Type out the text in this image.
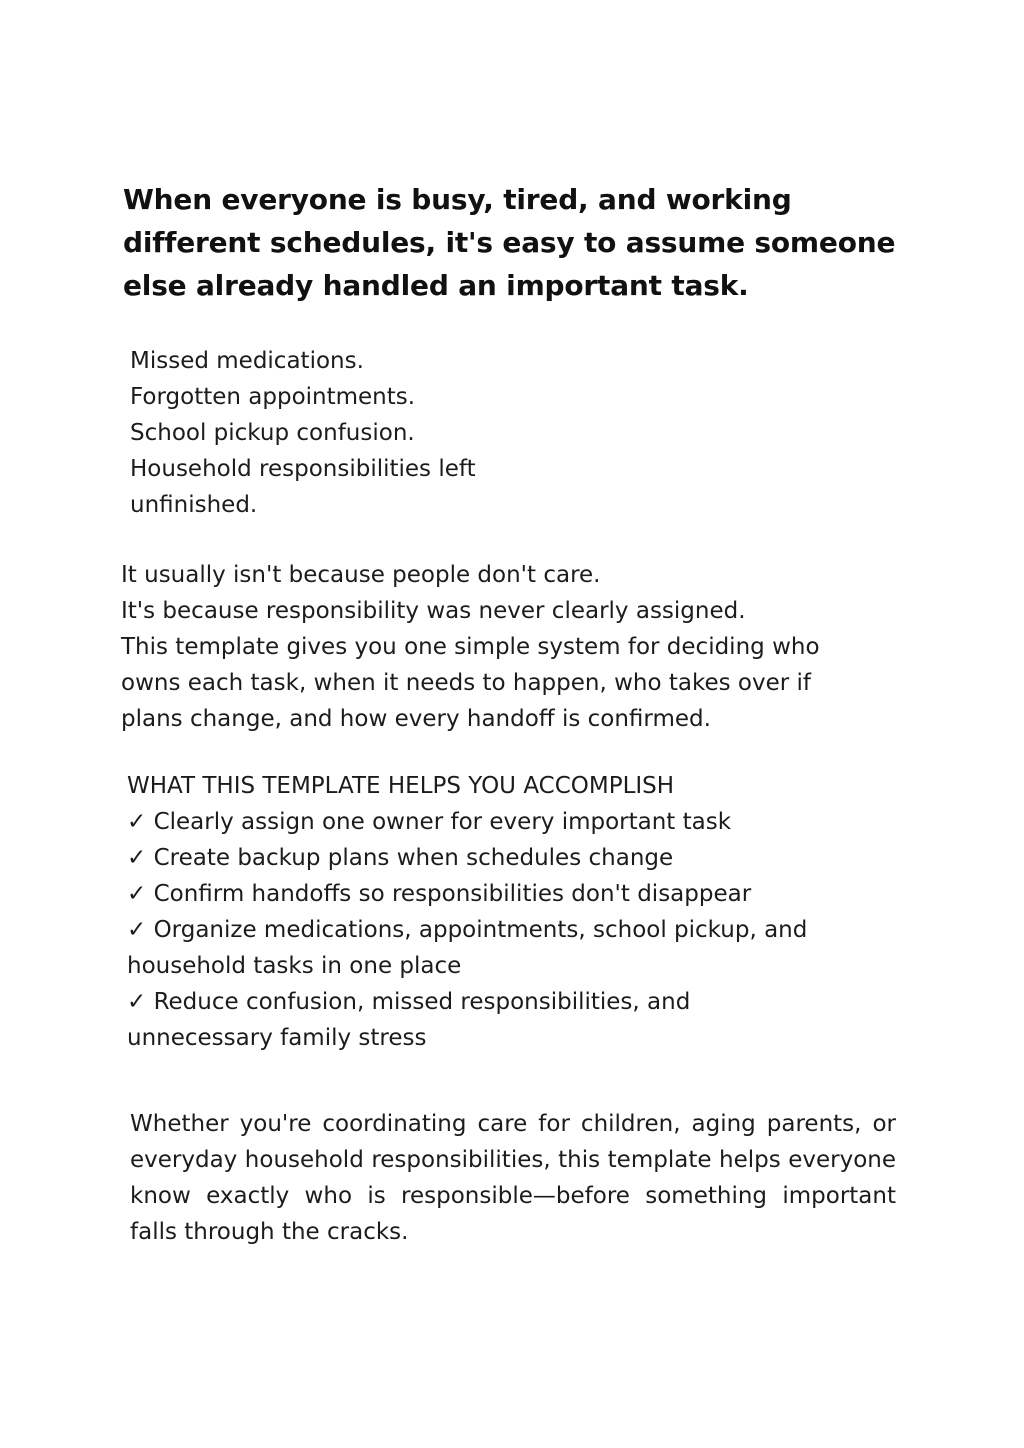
When everyone is busy, tired, and working
different schedules, it's easy to assume someone
else already handled an important task.
Missed medications.
Forgotten appointments.
School pickup confusion.
Household responsibilities left
unfinished.
It usually isn't because people don't care.
It's because responsibility was never clearly assigned.
This template gives you one simple system for deciding who
owns each task, when it needs to happen, who takes over if
plans change, and how every handoff is confirmed.
WHAT THIS TEMPLATE HELPS YOU ACCOMPLISH
✓ Clearly assign one owner for every important task
✓ Create backup plans when schedules change
✓ Confirm handoffs so responsibilities don't disappear
✓ Organize medications, appointments, school pickup, and
household tasks in one place
✓ Reduce confusion, missed responsibilities, and
unnecessary family stress

Whether you're coordinating care for children, aging parents, or everyday household responsibilities, this template helps everyone know exactly who is responsible—before something important falls through the cracks.
